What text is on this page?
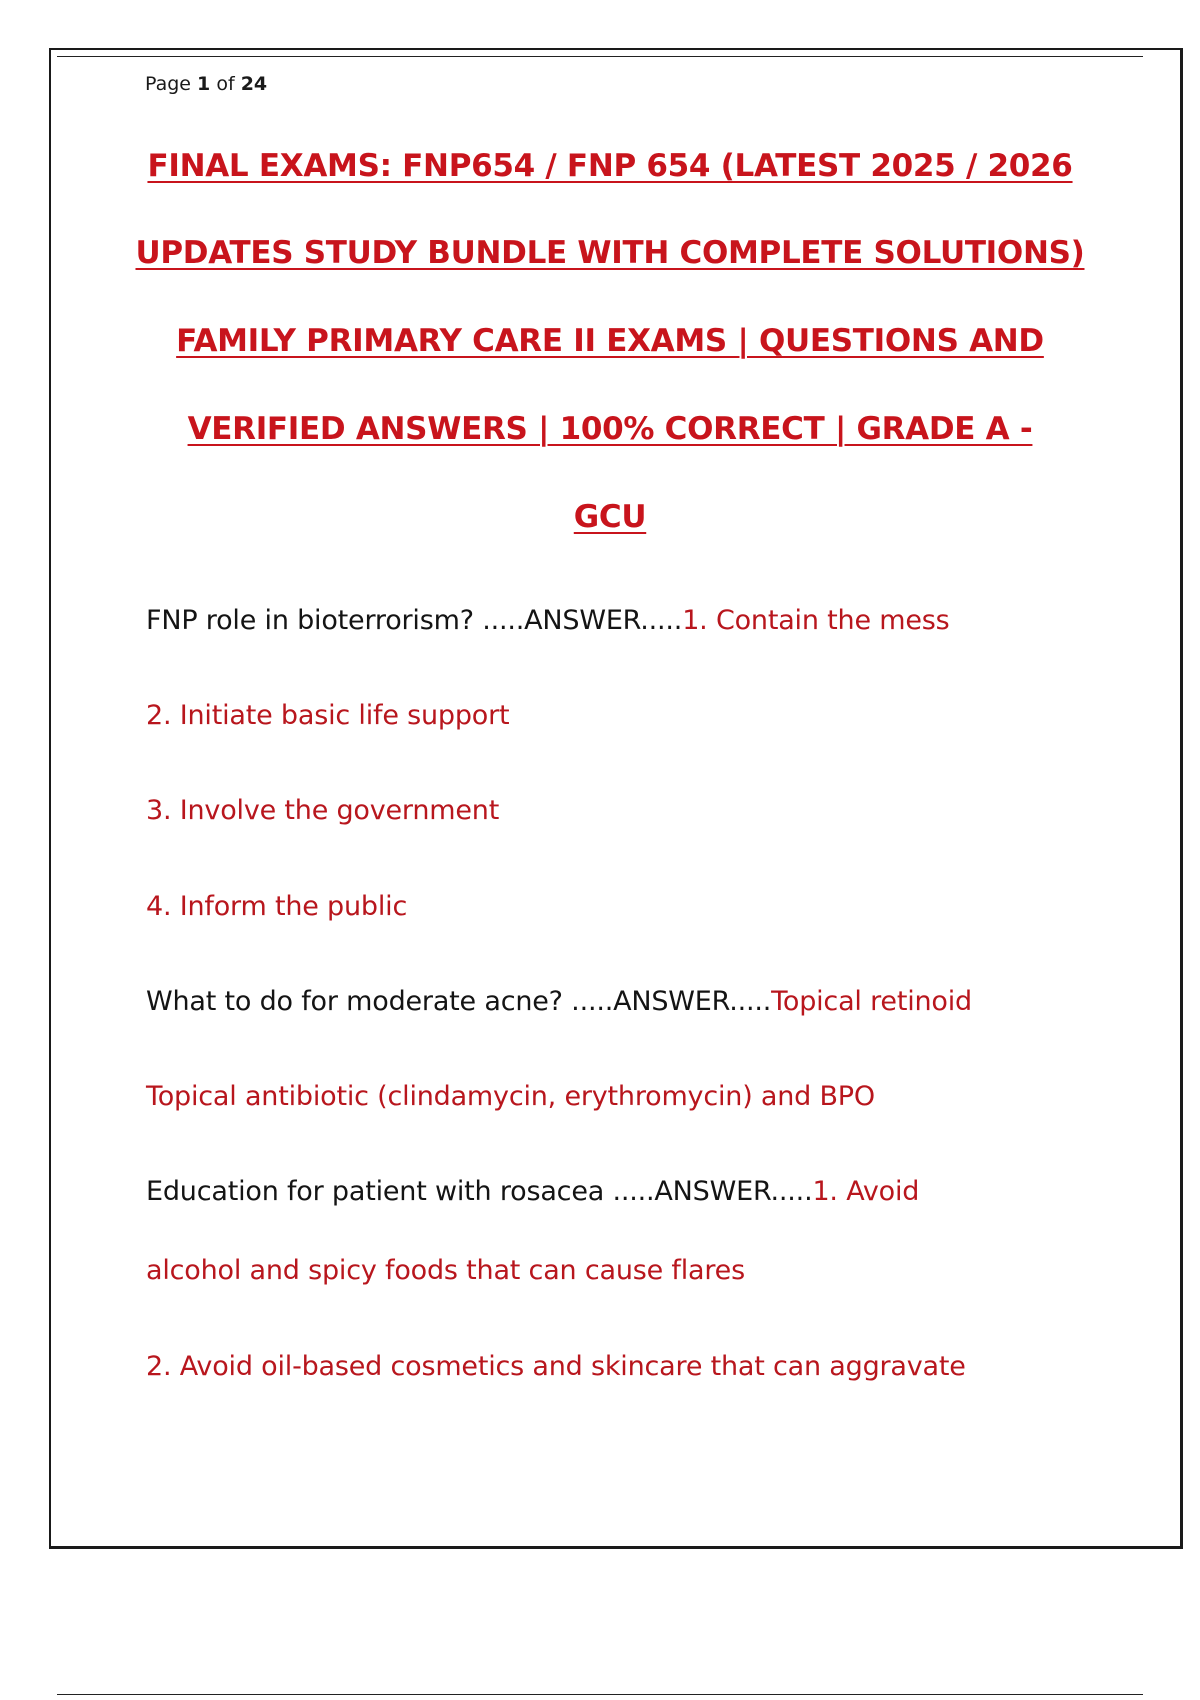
Page 1 of 24
FINAL EXAMS: FNP654 / FNP 654 (LATEST 2025 / 2026
UPDATES STUDY BUNDLE WITH COMPLETE SOLUTIONS)
FAMILY PRIMARY CARE II EXAMS | QUESTIONS AND
VERIFIED ANSWERS | 100% CORRECT | GRADE A -
GCU
FNP role in bioterrorism? .....ANSWER.....1. Contain the mess
2. Initiate basic life support
3. Involve the government
4. Inform the public
What to do for moderate acne? .....ANSWER.....Topical retinoid
Topical antibiotic (clindamycin, erythromycin) and BPO
Education for patient with rosacea .....ANSWER.....1. Avoid
alcohol and spicy foods that can cause flares
2. Avoid oil-based cosmetics and skincare that can aggravate
